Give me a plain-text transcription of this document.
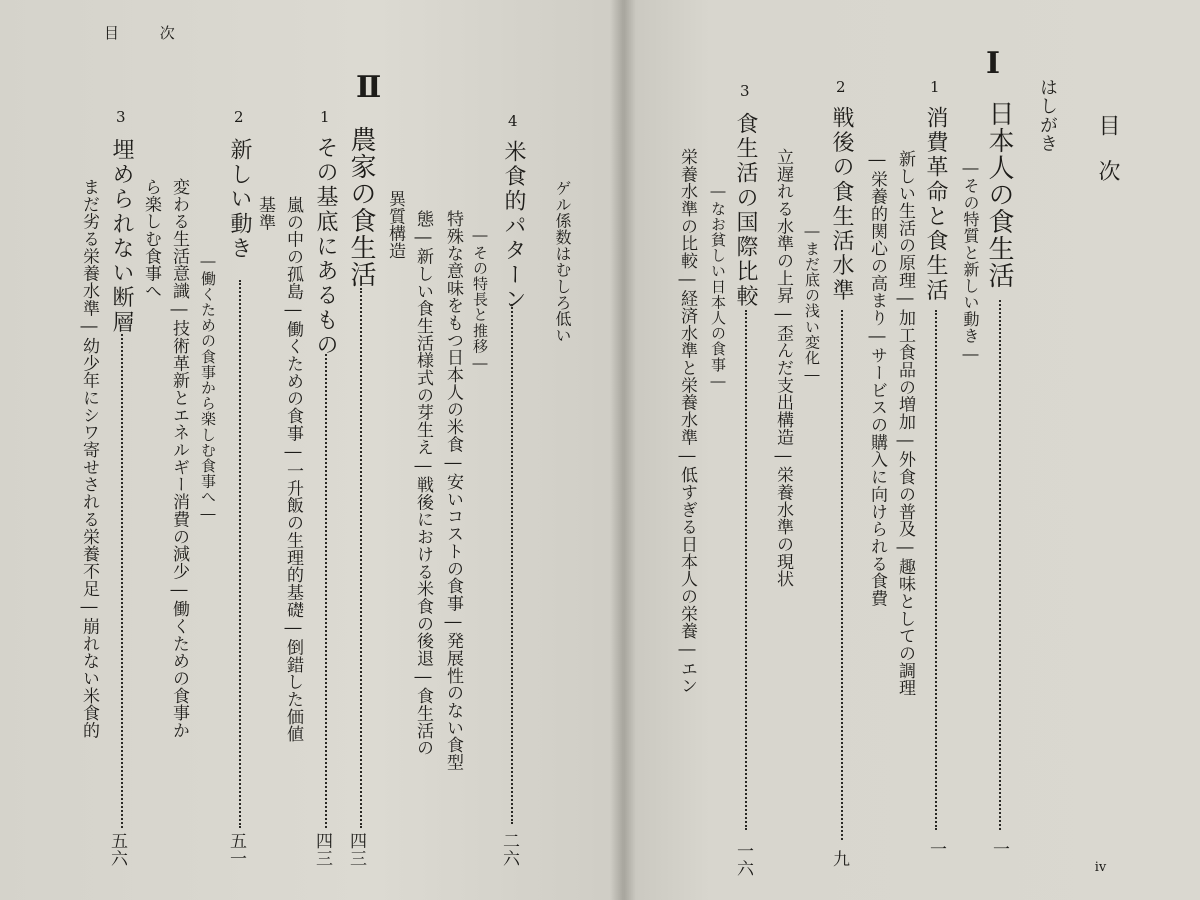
目 次
Ⅱ
ゲル係数はむしろ低い
4
米食的パターン
二六
―その特長と推移―
特殊な意味をもつ日本人の米食―安いコストの食事―発展性のない食型
態―新しい食生活様式の芽生え―戦後における米食の後退―食生活の
異質構造
農家の食生活
四三
1
その基底にあるもの
四三
嵐の中の孤島―働くための食事―一升飯の生理的基礎―倒錯した価値
基準
2
新しい動き
五一
―働くための食事から楽しむ食事へ―
変わる生活意識―技術革新とエネルギー消費の減少―働くための食事か
ら楽しむ食事へ
3
埋められない断層
五六
まだ劣る栄養水準―幼少年にシワ寄せされる栄養不足―崩れない米食的
目　次
はしがき
ⅳ
Ⅰ
日本人の食生活
一
―その特質と新しい動き―
1
消費革命と食生活
一
新しい生活の原理―加工食品の増加―外食の普及―趣味としての調理
―栄養的関心の高まり―サービスの購入に向けられる食費
2
戦後の食生活水準
九
―まだ底の浅い変化―
立遅れる水準の上昇―歪んだ支出構造―栄養水準の現状
3
食生活の国際比較
一六
―なお貧しい日本人の食事―
栄養水準の比較―経済水準と栄養水準―低すぎる日本人の栄養―エン
